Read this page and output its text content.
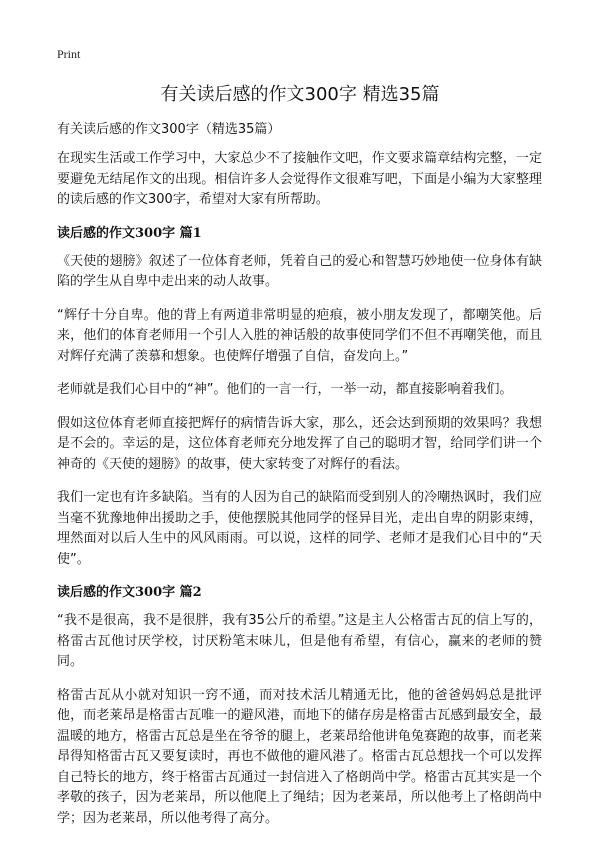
Print
有关读后感的作文300字 精选35篇
有关读后感的作文300字（精选35篇）

在现实生活或工作学习中，大家总少不了接触作文吧，作文要求篇章结构完整，一定要避免无结尾作文的出现。相信许多人会觉得作文很难写吧，下面是小编为大家整理的读后感的作文300字，希望对大家有所帮助。

读后感的作文300字 篇1

《天使的翅膀》叙述了一位体育老师，凭着自己的爱心和智慧巧妙地使一位身体有缺陷的学生从自卑中走出来的动人故事。

“辉仔十分自卑。他的背上有两道非常明显的疤痕，被小朋友发现了，都嘲笑他。后来，他们的体育老师用一个引人入胜的神话般的故事使同学们不但不再嘲笑他，而且对辉仔充满了羡慕和想象。也使辉仔增强了自信，奋发向上。”

老师就是我们心目中的“神”。他们的一言一行，一举一动，都直接影响着我们。

假如这位体育老师直接把辉仔的病情告诉大家，那么，还会达到预期的效果吗？我想是不会的。幸运的是，这位体育老师充分地发挥了自己的聪明才智，给同学们讲一个神奇的《天使的翅膀》的故事，使大家转变了对辉仔的看法。

我们一定也有许多缺陷。当有的人因为自己的缺陷而受到别人的冷嘲热讽时，我们应当毫不犹豫地伸出援助之手，使他摆脱其他同学的怪异目光，走出自卑的阴影束缚，埋然面对以后人生中的风风雨雨。可以说，这样的同学、老师才是我们心目中的“天使”。

读后感的作文300字 篇2

“我不是很高，我不是很胖，我有35公斤的希望。”这是主人公格雷古瓦的信上写的，格雷古瓦他讨厌学校，讨厌粉笔末味儿，但是他有希望，有信心，赢来的老师的赞同。

格雷古瓦从小就对知识一窍不通，而对技术活儿精通无比，他的爸爸妈妈总是批评他，而老莱昂是格雷古瓦唯一的避风港，而地下的储存房是格雷古瓦感到最安全，最温暖的地方，格雷古瓦总是坐在爷爷的腿上，老莱昂给他讲龟兔赛跑的故事，而老莱昂得知格雷古瓦又要复读时，再也不做他的避风港了。格雷古瓦总想找一个可以发挥自己特长的地方，终于格雷古瓦通过一封信进入了格朗尚中学。格雷古瓦其实是一个孝敬的孩子，因为老莱昂，所以他爬上了绳结；因为老莱昂，所以他考上了格朗尚中学；因为老莱昂，所以他考得了高分。
